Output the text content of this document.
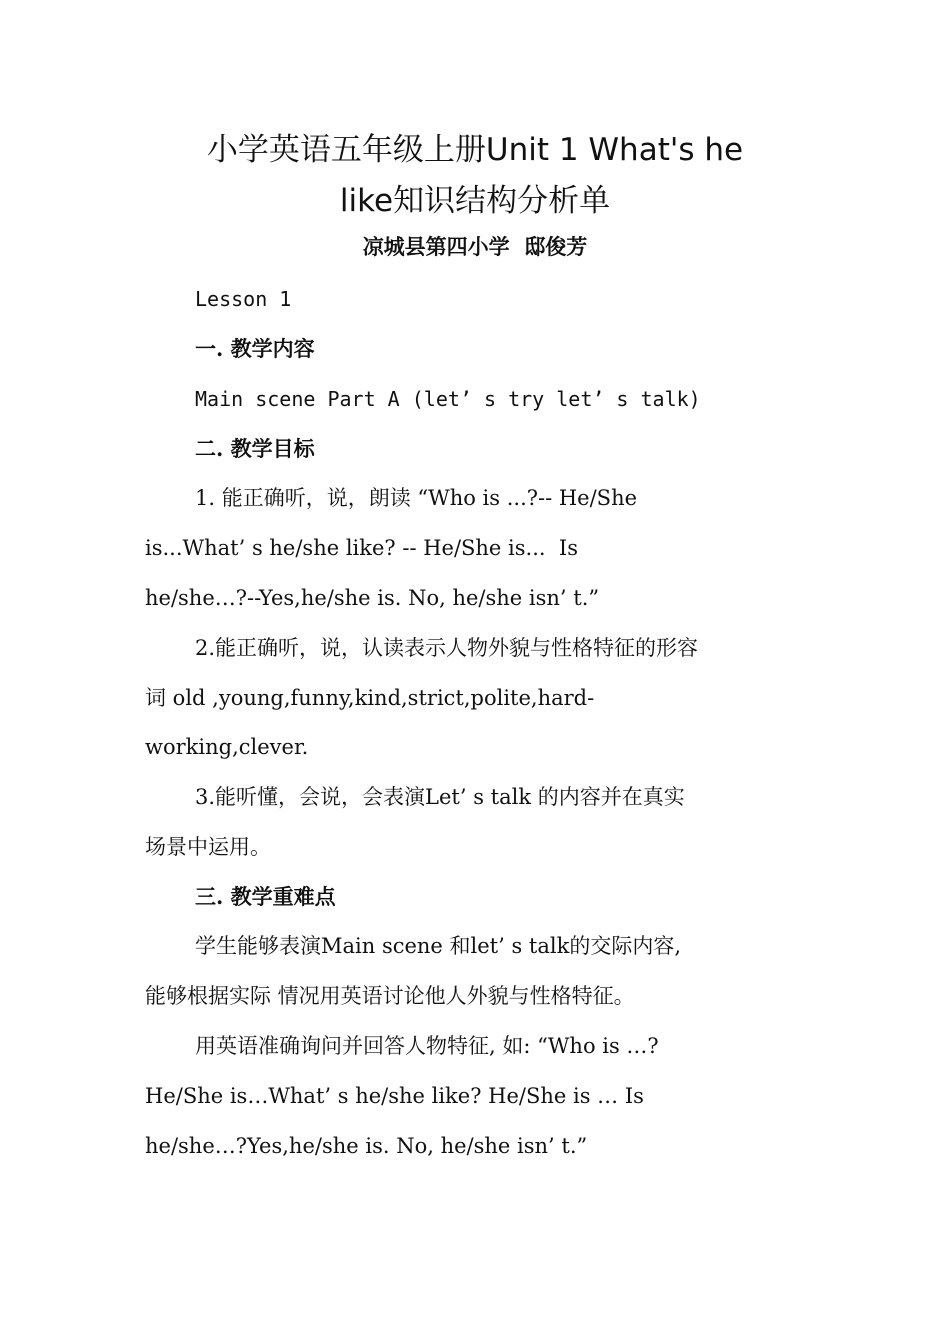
小学英语五年级上册Unit 1 What's he
like知识结构分析单
凉城县第四小学  邸俊芳
Lesson 1
一. 教学内容
Main scene Part A (let’ s try let’ s talk)
二. 教学目标
1. 能正确听，说，朗读 “Who is ...?-- He/She
is...What’ s he/she like? -- He/She is...  Is
he/she…?--Yes,he/she is. No, he/she isn’ t.”
2.能正确听，说，认读表示人物外貌与性格特征的形容
词 old ,young,funny,kind,strict,polite,hard-
working,clever.
3.能听懂，会说，会表演Let’ s talk 的内容并在真实
场景中运用。
三. 教学重难点
学生能够表演Main scene 和let’ s talk的交际内容,
能够根据实际 情况用英语讨论他人外貌与性格特征。
用英语准确询问并回答人物特征, 如: “Who is …?
He/She is…What’ s he/she like? He/She is … Is
he/she…?Yes,he/she is. No, he/she isn’ t.”
